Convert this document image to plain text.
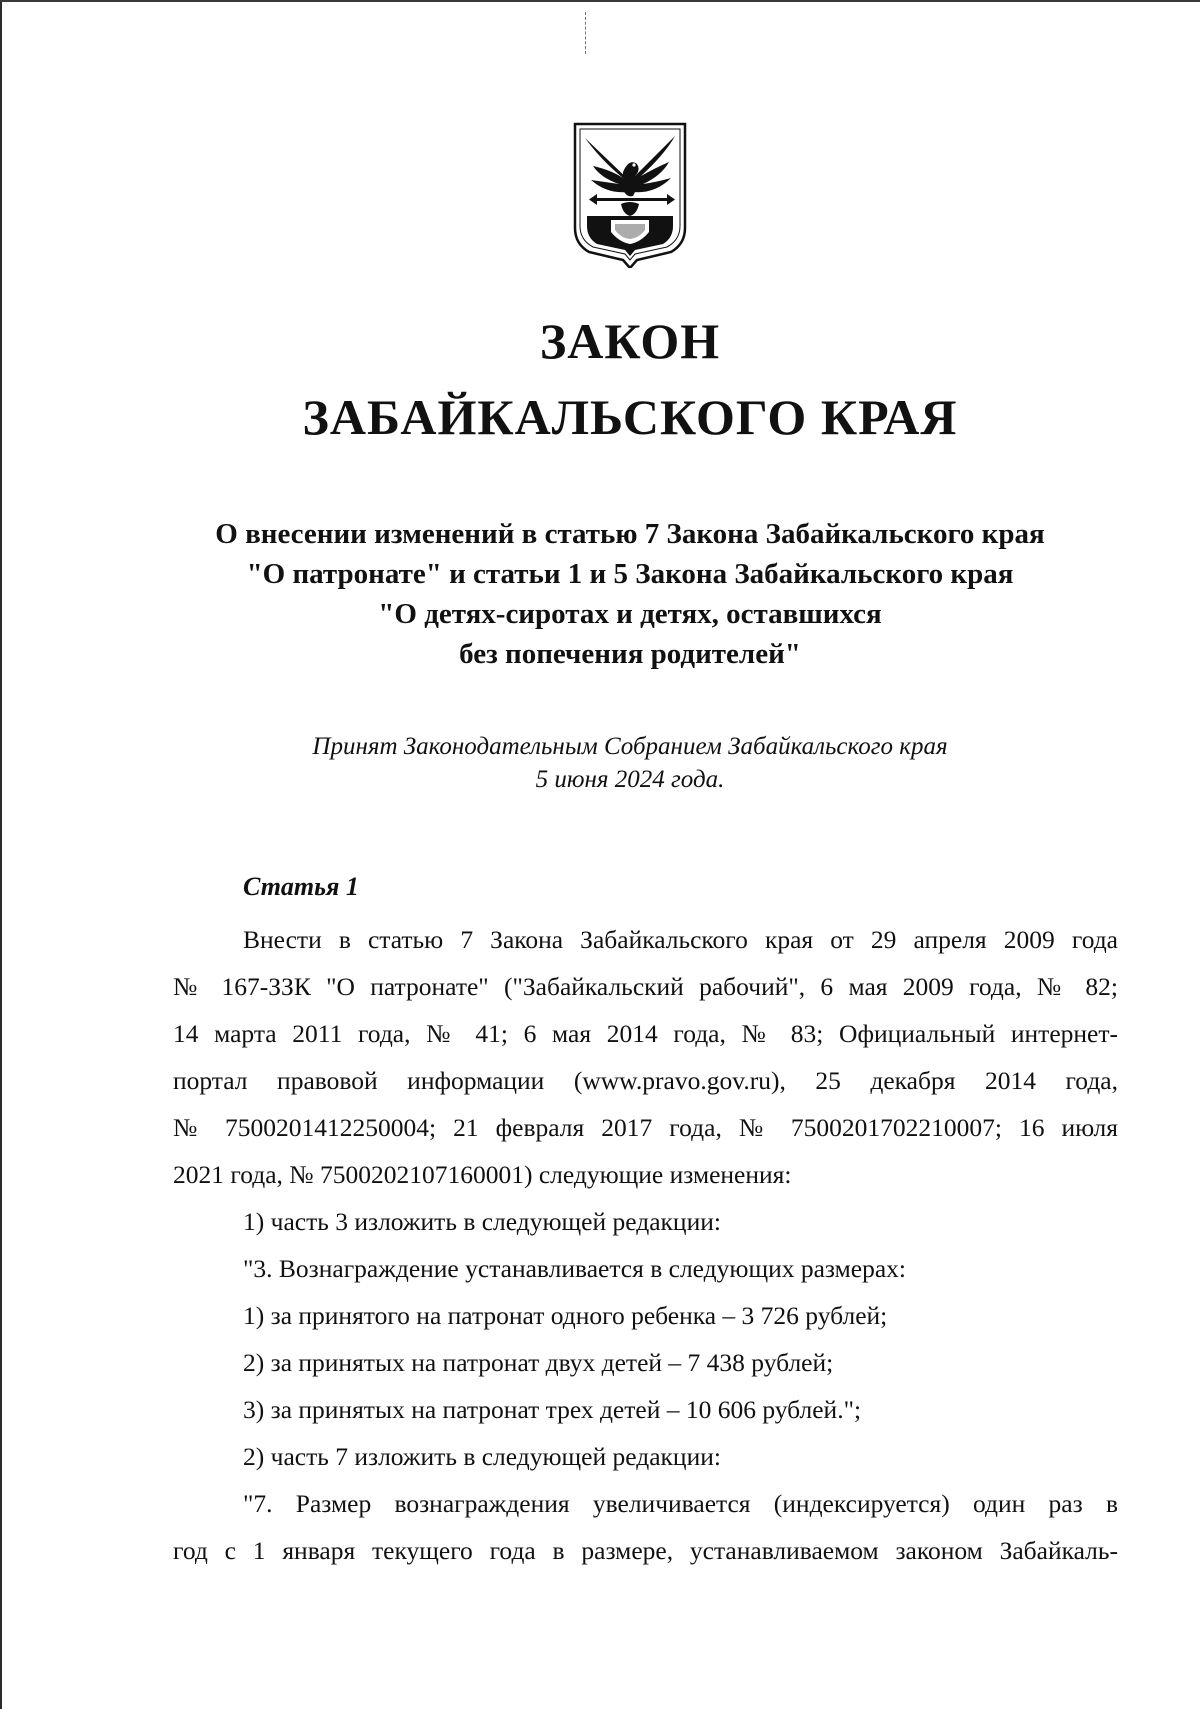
ЗАКОН
ЗАБАЙКАЛЬСКОГО КРАЯ
О внесении изменений в статью 7 Закона Забайкальского края
"О патронате" и статьи 1 и 5 Закона Забайкальского края
"О детях-сиротах и детях, оставшихся
без попечения родителей"
Принят Законодательным Собранием Забайкальского края
5 июня 2024 года.
Статья 1
Внести в статью 7 Закона Забайкальского края от 29 апреля 2009 года
№ 167-ЗЗК "О патронате" ("Забайкальский рабочий", 6 мая 2009 года, № 82;
14 марта 2011 года, № 41; 6 мая 2014 года, № 83; Официальный интернет-
портал правовой информации (www.pravo.gov.ru), 25 декабря 2014 года,
№ 7500201412250004; 21 февраля 2017 года, № 7500201702210007; 16 июля
2021 года, № 7500202107160001) следующие изменения:
1) часть 3 изложить в следующей редакции:
"3. Вознаграждение устанавливается в следующих размерах:
1) за принятого на патронат одного ребенка – 3 726 рублей;
2) за принятых на патронат двух детей – 7 438 рублей;
3) за принятых на патронат трех детей – 10 606 рублей.";
2) часть 7 изложить в следующей редакции:
"7. Размер вознаграждения увеличивается (индексируется) один раз в
год с 1 января текущего года в размере, устанавливаемом законом Забайкаль-
